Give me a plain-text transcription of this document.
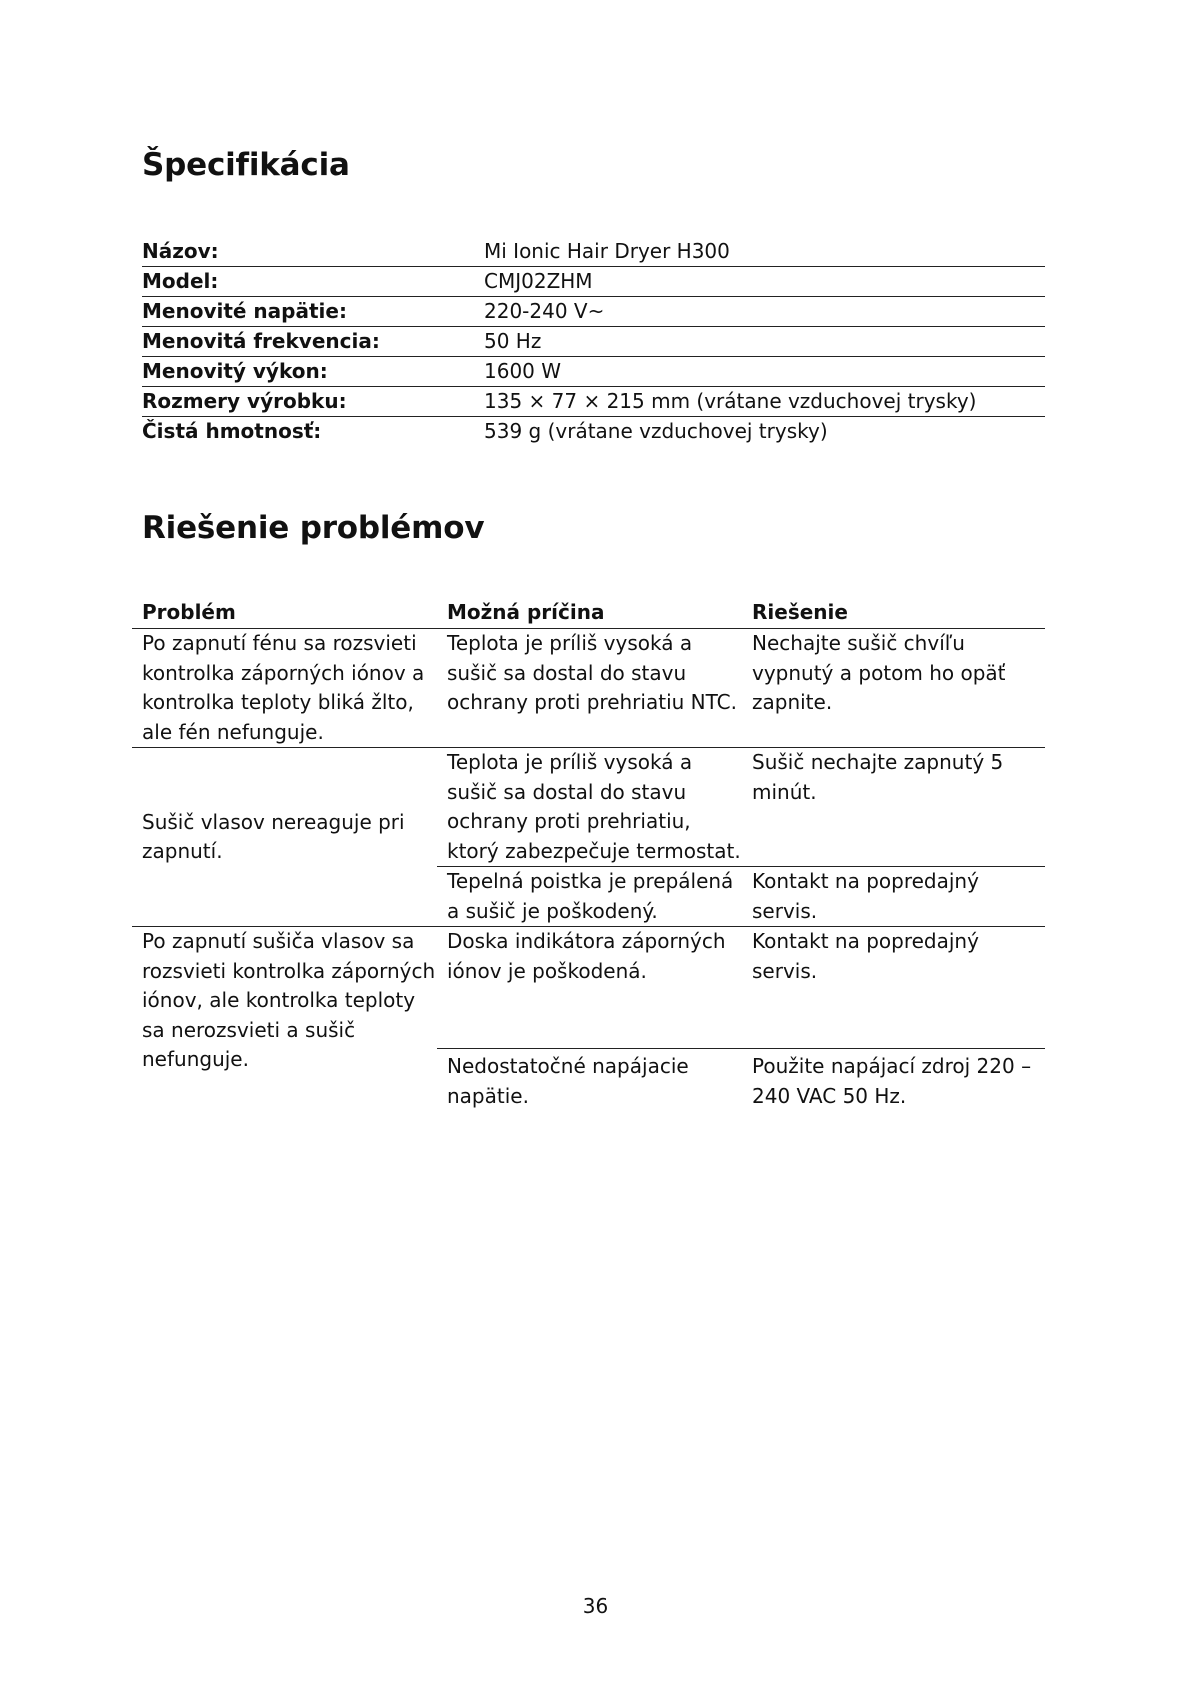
Špecifikácia
Názov:	Mi Ionic Hair Dryer H300
Model:	CMJ02ZHM
Menovité napätie:	220-240 V~
Menovitá frekvencia:	50 Hz
Menovitý výkon:	1600 W
Rozmery výrobku:	135 × 77 × 215 mm (vrátane vzduchovej trysky)
Čistá hmotnosť:	539 g (vrátane vzduchovej trysky)
Riešenie problémov
Problém	Možná príčina	Riešenie
Po zapnutí fénu sa rozsvieti kontrolka záporných iónov a kontrolka teploty bliká žlto, ale fén nefunguje.	Teplota je príliš vysoká a sušič sa dostal do stavu ochrany proti prehriatiu NTC.	Nechajte sušič chvíľu vypnutý a potom ho opäť zapnite.
Sušič vlasov nereaguje pri zapnutí.	Teplota je príliš vysoká a sušič sa dostal do stavu ochrany proti prehriatiu, ktorý zabezpečuje termostat.	Sušič nechajte zapnutý 5 minút.
	Tepelná poistka je prepálená a sušič je poškodený.	Kontakt na popredajný servis.
Po zapnutí sušiča vlasov sa rozsvieti kontrolka záporných iónov, ale kontrolka teploty sa nerozsvieti a sušič nefunguje.	Doska indikátora záporných iónov je poškodená.	Kontakt na popredajný servis.
	Nedostatočné napájacie napätie.	Použite napájací zdroj 220 – 240 VAC 50 Hz.
36
